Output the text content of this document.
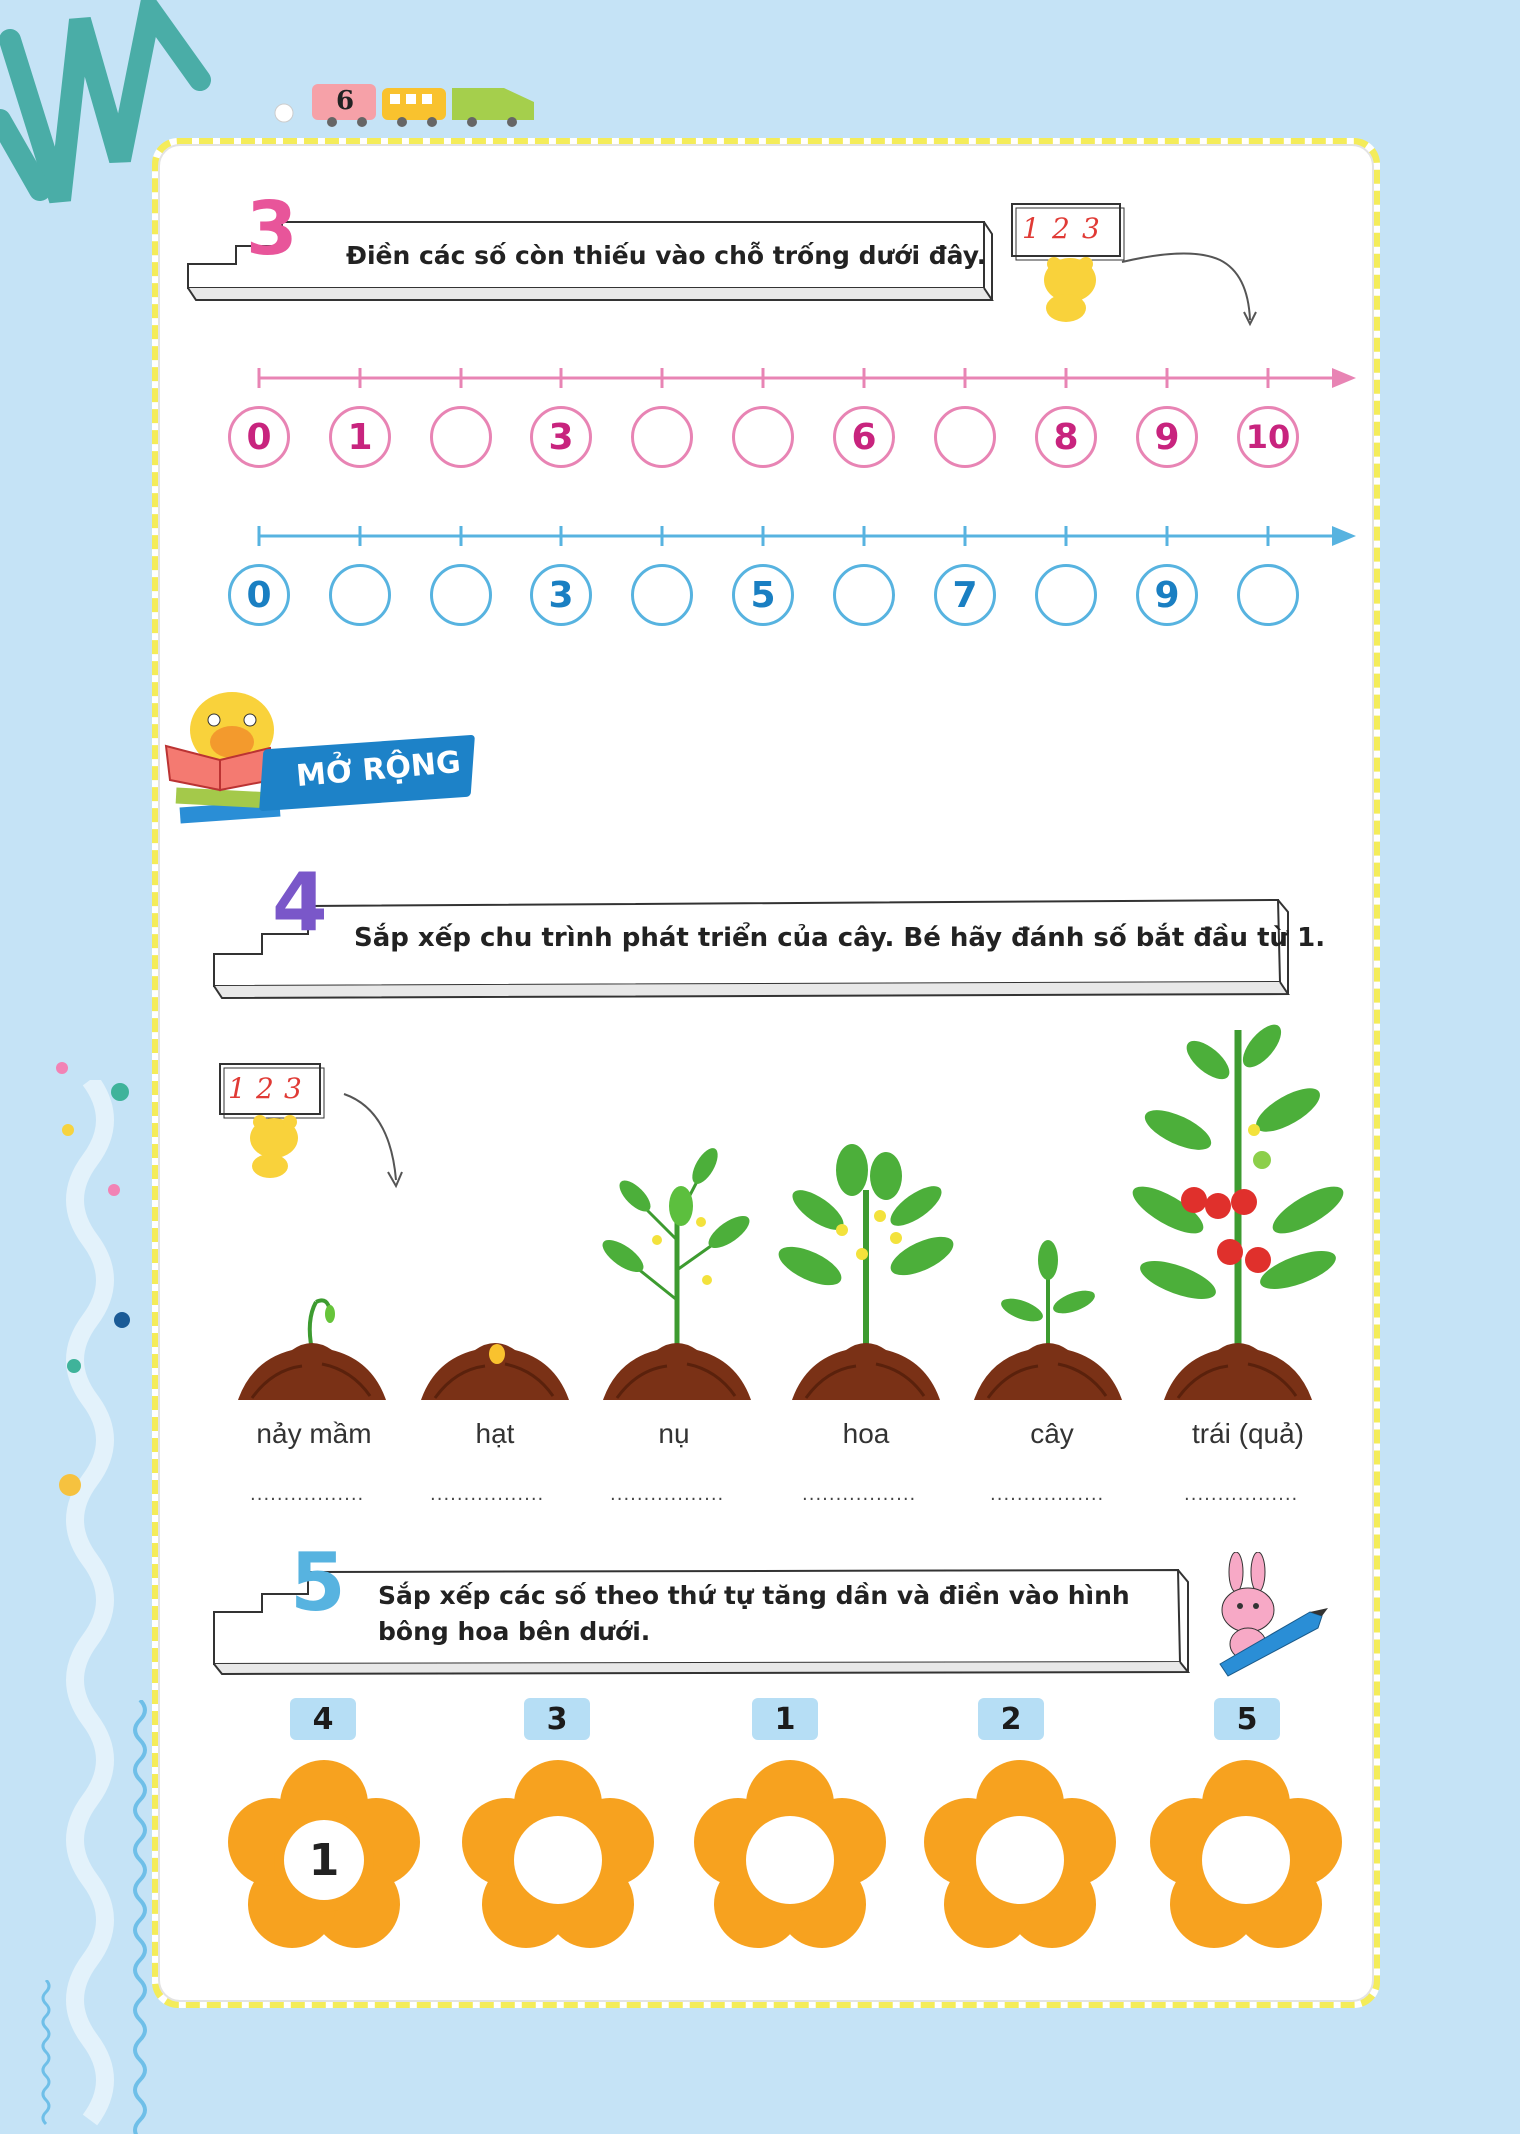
6
3 Điền các số còn thiếu vào chỗ trống dưới đây.
1 2 3
0	1	3	6	8	9	10
0	3	5	7	9
MỞ RỘNG
4 Sắp xếp chu trình phát triển của cây. Bé hãy đánh số bắt đầu từ 1.
1 2 3
nảy mầm	hạt	nụ	hoa	cây	trái (quả)
.................	.................	.................	.................	.................	.................
5 Sắp xếp các số theo thứ tự tăng dần và điền vào hình
bông hoa bên dưới.
4	3	1	2	5
1
